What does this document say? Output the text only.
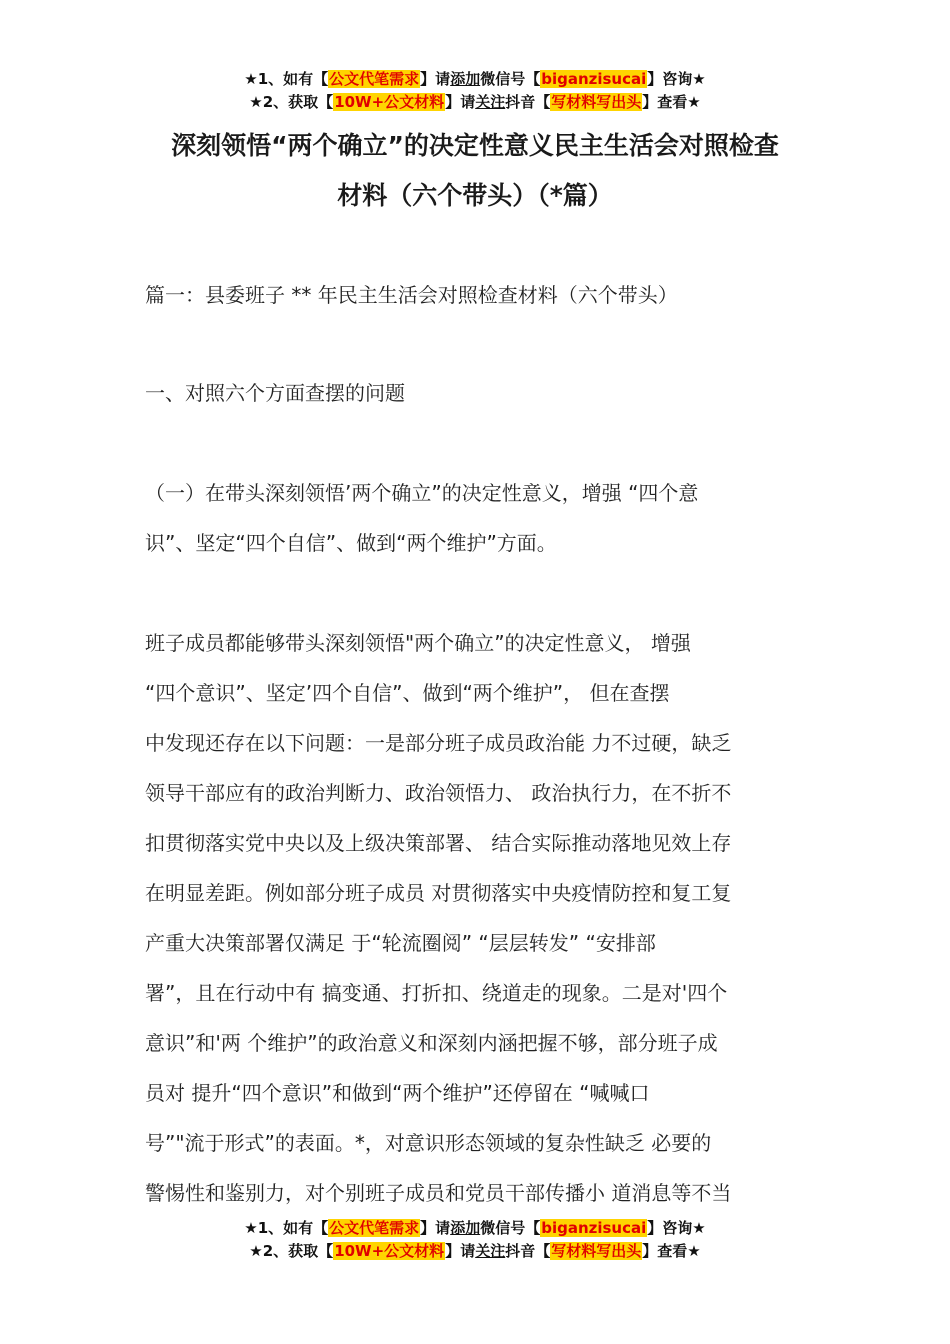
★1、如有【公文代笔需求】请添加微信号【biganzisucai】咨询★
★2、获取【10W+公文材料】请关注抖音【写材料写出头】查看★
深刻领悟“两个确立”的决定性意义民主生活会对照检查
材料（六个带头）（*篇）
篇一：县委班子 ** 年民主生活会对照检查材料（六个带头）
一、对照六个方面查摆的问题
（一）在带头深刻领悟’两个确立”的决定性意义，增强 “四个意
识”、坚定“四个自信”、做到“两个维护”方面。
班子成员都能够带头深刻领悟"两个确立”的决定性意义， 增强
“四个意识”、坚定’四个自信”、做到“两个维护”， 但在查摆
中发现还存在以下问题：一是部分班子成员政治能 力不过硬，缺乏
领导干部应有的政治判断力、政治领悟力、 政治执行力，在不折不
扣贯彻落实党中央以及上级决策部署、 结合实际推动落地见效上存
在明显差距。例如部分班子成员 对贯彻落实中央疫情防控和复工复
产重大决策部署仅满足 于“轮流圈阅” “层层转发” “安排部
署”，且在行动中有 搞变通、打折扣、绕道走的现象。二是对'四个
意识”和'两 个维护”的政治意义和深刻内涵把握不够，部分班子成
员对 提升“四个意识”和做到“两个维护”还停留在 “喊喊口
号”"流于形式”的表面。*，对意识形态领域的复杂性缺乏 必要的
警惕性和鉴别力，对个别班子成员和党员干部传播小 道消息等不当
★1、如有【公文代笔需求】请添加微信号【biganzisucai】咨询★
★2、获取【10W+公文材料】请关注抖音【写材料写出头】查看★
